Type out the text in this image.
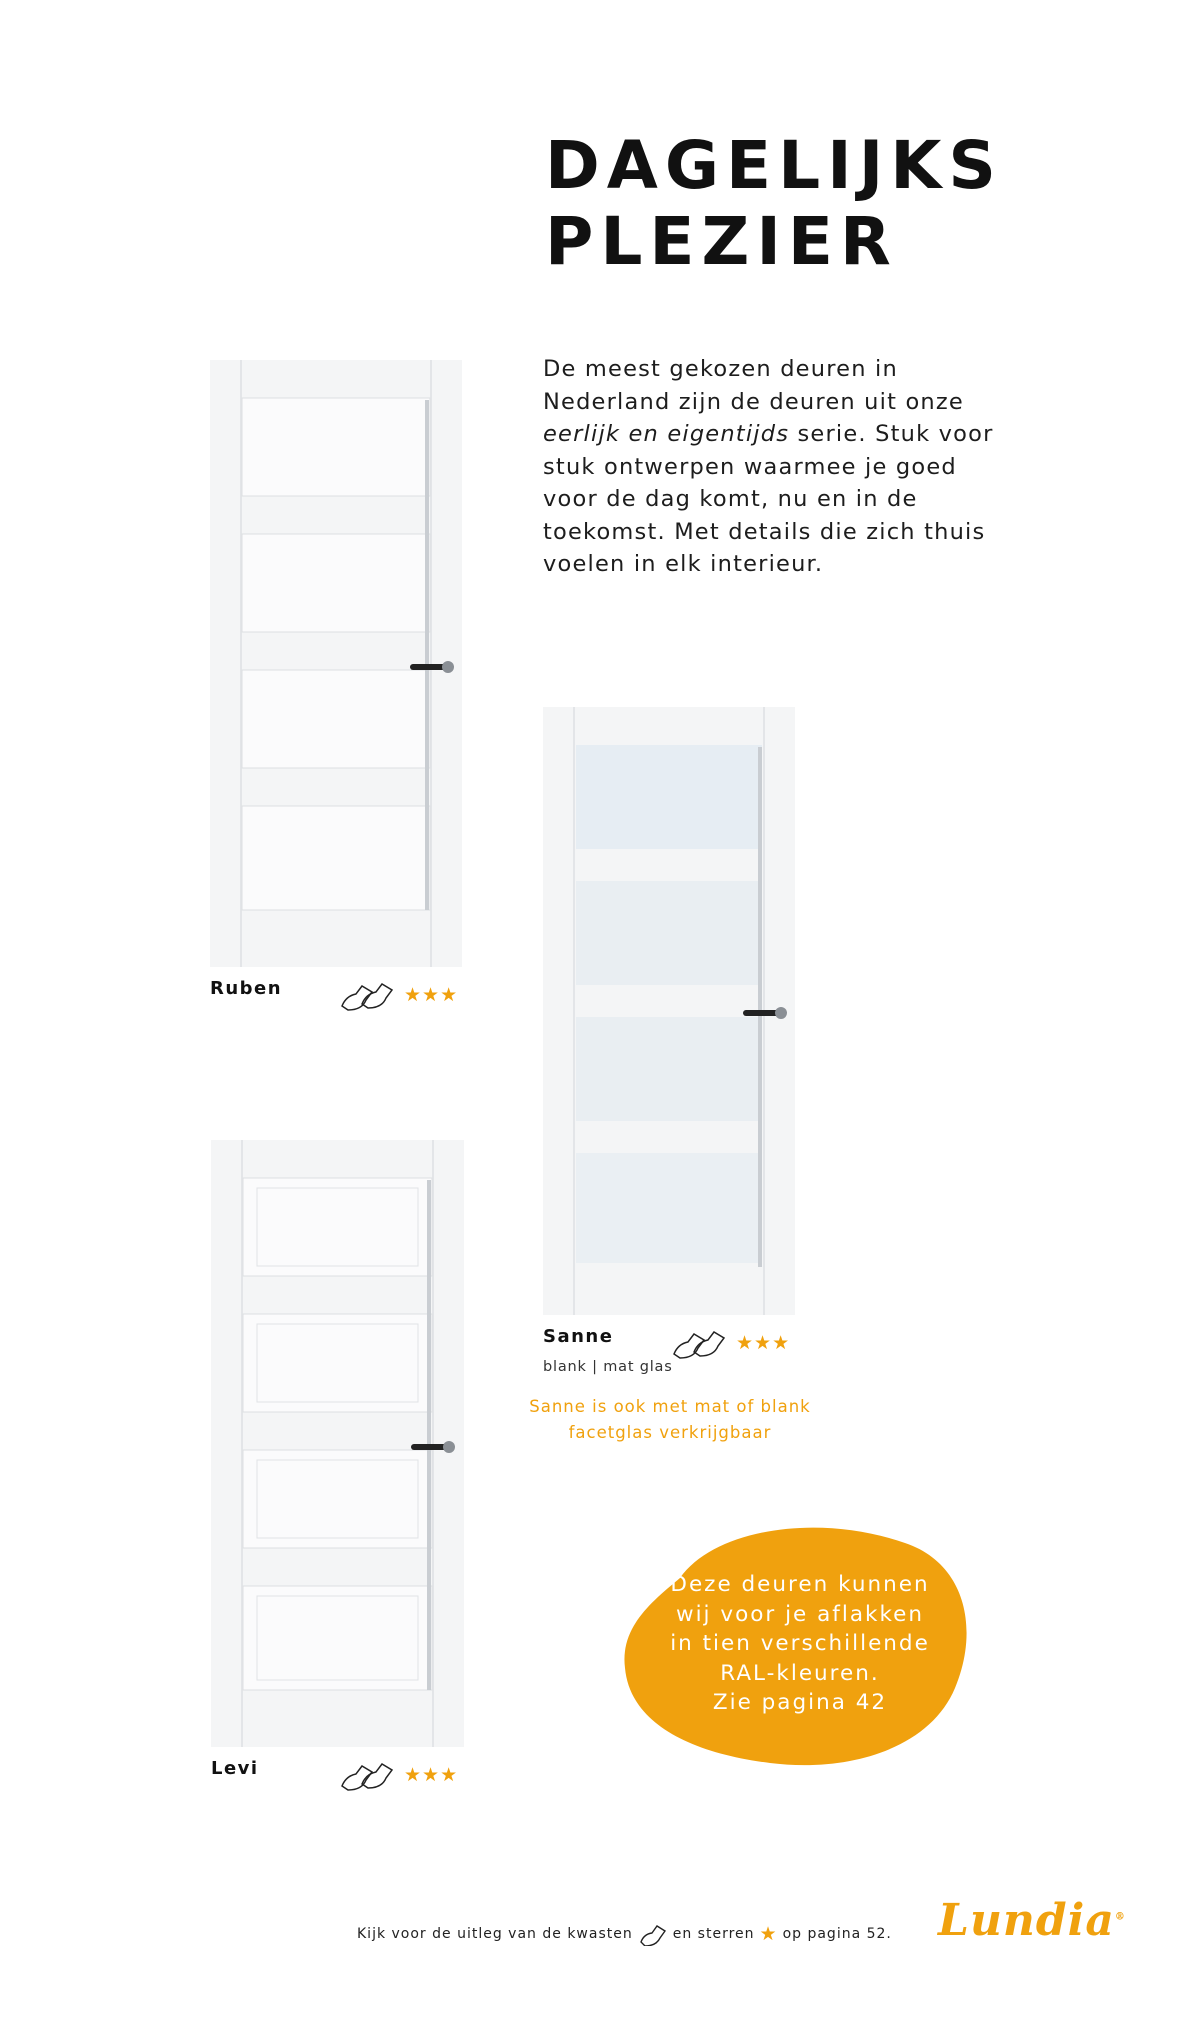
DAGELIJKS
PLEZIER
De meest gekozen deuren in Nederland zijn de deuren uit onze eerlijk en eigentijds serie. Stuk voor stuk ontwerpen waarmee je goed voor de dag komt, nu en in de toekomst. Met details die zich thuis voelen in elk interieur.
Ruben	★★★
Sanne	★★★
blank | mat glas
Sanne is ook met mat of blank
facetglas verkrijgbaar
Levi	★★★
Deze deuren kunnen
wij voor je aflakken
in tien verschillende
RAL-kleuren.
Zie pagina 42
Kijk voor de uitleg van de kwasten	en sterren ★ op pagina 52. Lundia®
